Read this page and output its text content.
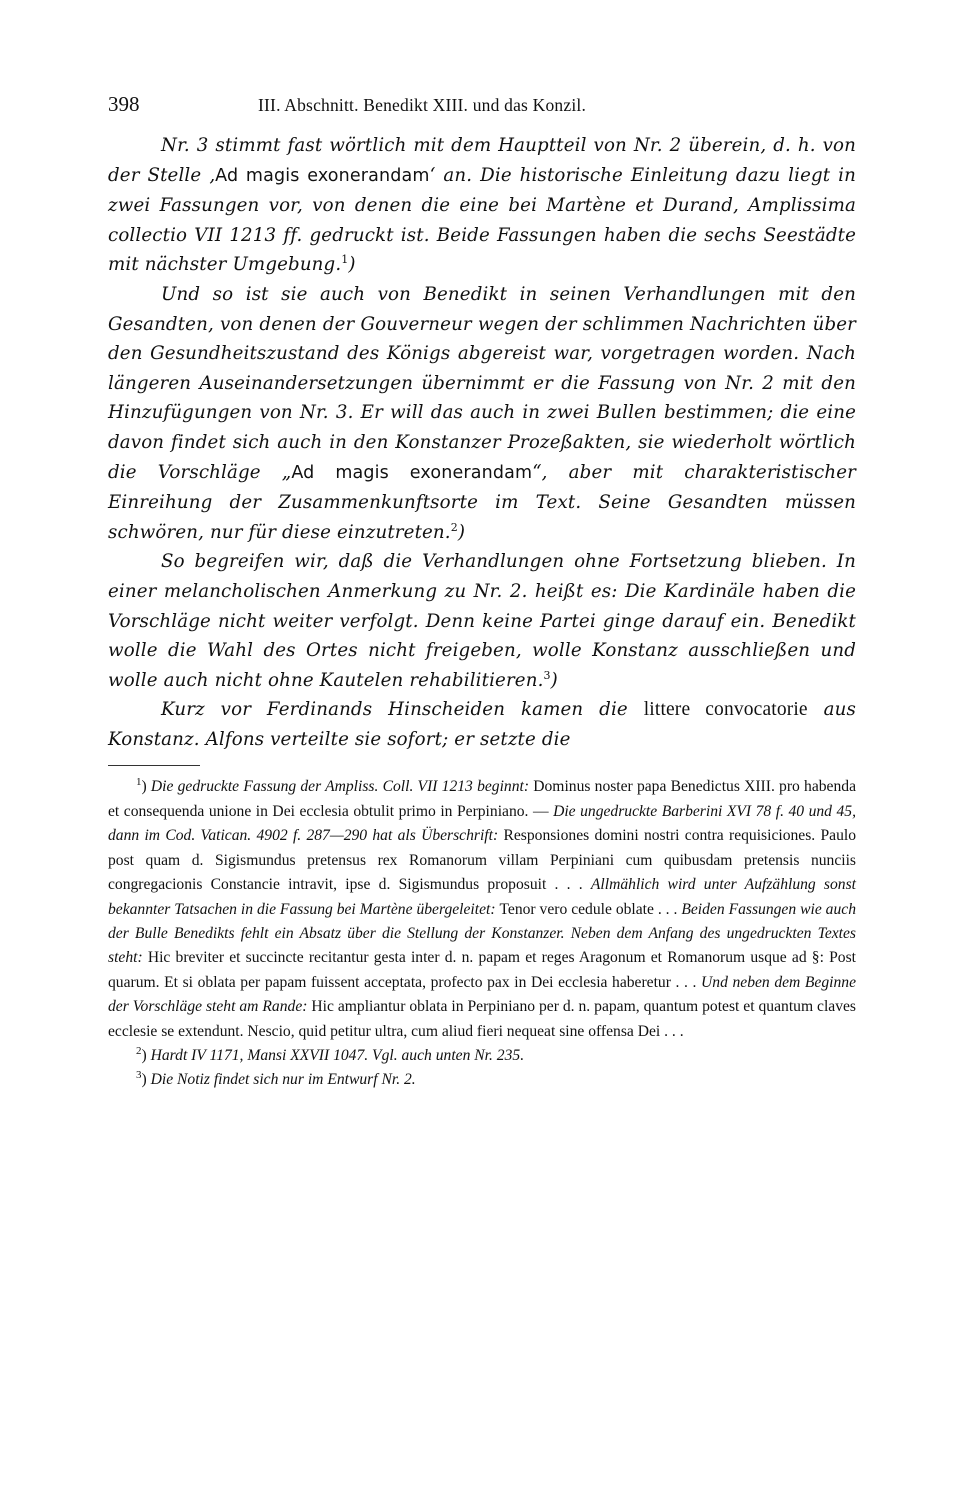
398	III. Abschnitt. Benedikt XIII. und das Konzil.

Nr. 3 stimmt fast wörtlich mit dem Hauptteil von Nr. 2 überein, d. h. von der Stelle ‚Ad magis exonerandam‘ an. Die historische Einleitung dazu liegt in zwei Fassungen vor, von denen die eine bei Martène et Durand, Amplissima collectio VII 1213 ff. gedruckt ist. Beide Fassungen haben die sechs Seestädte mit nächster Umgebung.$^1$)

Und so ist sie auch von Benedikt in seinen Verhandlungen mit den Gesandten, von denen der Gouverneur wegen der schlimmen Nachrichten über den Gesundheitszustand des Königs abgereist war, vorgetragen worden. Nach längeren Auseinandersetzungen übernimmt er die Fassung von Nr. 2 mit den Hinzufügungen von Nr. 3. Er will das auch in zwei Bullen bestimmen; die eine davon findet sich auch in den Konstanzer Prozeßakten, sie wiederholt wörtlich die Vorschläge „Ad magis exonerandam“, aber mit charakteristischer Einreihung der Zusammenkunftsorte im Text. Seine Gesandten müssen schwören, nur für diese einzutreten.$^2$)

So begreifen wir, daß die Verhandlungen ohne Fortsetzung blieben. In einer melancholischen Anmerkung zu Nr. 2. heißt es: Die Kardinäle haben die Vorschläge nicht weiter verfolgt. Denn keine Partei ginge darauf ein. Benedikt wolle die Wahl des Ortes nicht freigeben, wolle Konstanz ausschließen und wolle auch nicht ohne Kautelen rehabilitieren.$^3$)

Kurz vor Ferdinands Hinscheiden kamen die littere convocatorie aus Konstanz. Alfons verteilte sie sofort; er setzte die

$^1$) Die gedruckte Fassung der Ampliss. Coll. VII 1213 beginnt: Dominus noster papa Benedictus XIII. pro habenda et consequenda unione in Dei ecclesia obtulit primo in Perpiniano. — Die ungedruckte Barberini XVI 78 f. 40 und 45, dann im Cod. Vatican. 4902 f. 287—290 hat als Überschrift: Responsiones domini nostri contra requisiciones. Paulo post quam d. Sigismundus pretensus rex Romanorum villam Perpiniani cum quibusdam pretensis nunciis congregacionis Constancie intravit, ipse d. Sigismundus proposuit . . . Allmählich wird unter Aufzählung sonst bekannter Tatsachen in die Fassung bei Martène übergeleitet: Tenor vero cedule oblate . . . Beiden Fassungen wie auch der Bulle Benedikts fehlt ein Absatz über die Stellung der Konstanzer. Neben dem Anfang des ungedruckten Textes steht: Hic breviter et succincte recitantur gesta inter d. n. papam et reges Aragonum et Romanorum usque ad §: Post quarum. Et si oblata per papam fuissent acceptata, profecto pax in Dei ecclesia haberetur . . . Und neben dem Beginne der Vorschläge steht am Rande: Hic ampliantur oblata in Perpiniano per d. n. papam, quantum potest et quantum claves ecclesie se extendunt. Nescio, quid petitur ultra, cum aliud fieri nequeat sine offensa Dei . . .

$^2$) Hardt IV 1171, Mansi XXVII 1047. Vgl. auch unten Nr. 235.

$^3$) Die Notiz findet sich nur im Entwurf Nr. 2.
